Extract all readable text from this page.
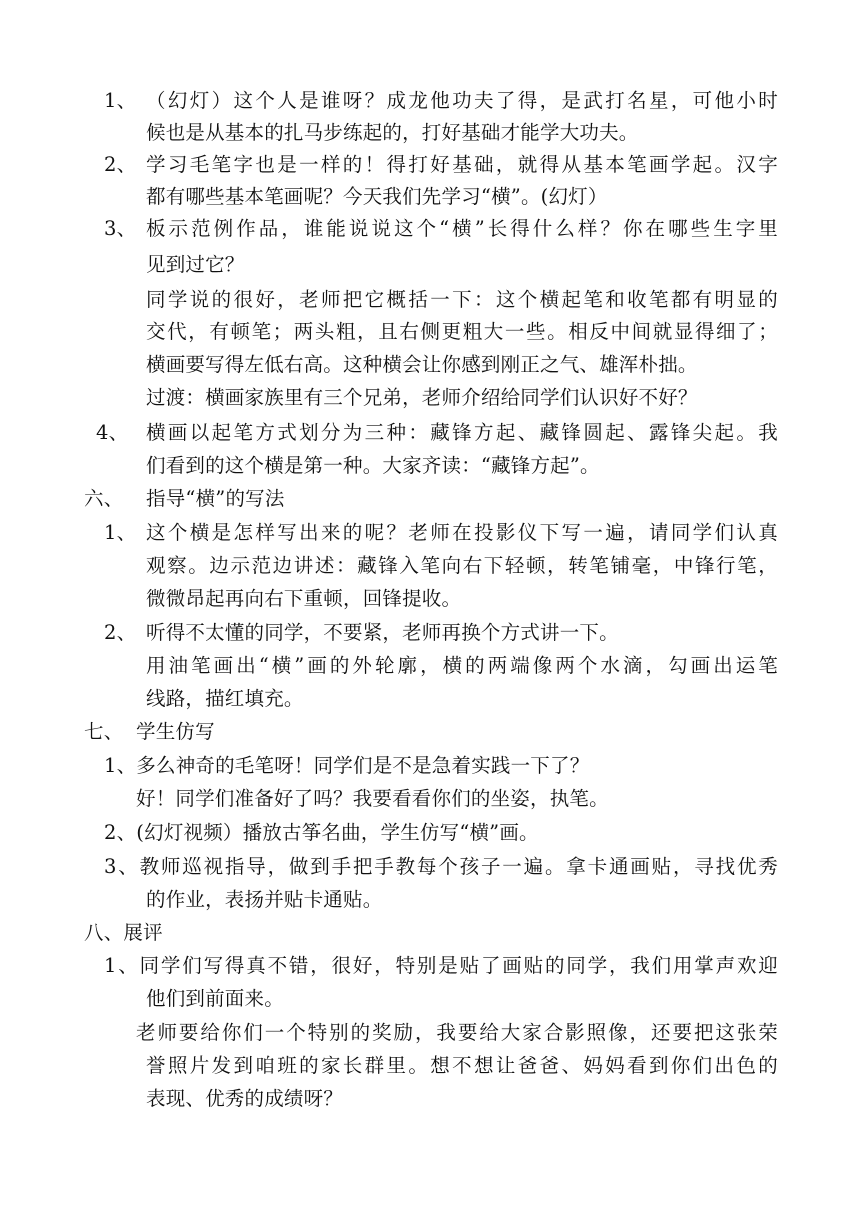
1、 （幻灯）这个人是谁呀？成龙他功夫了得，是武打名星，可他小时
候也是从基本的扎马步练起的，打好基础才能学大功夫。
2、 学习毛笔字也是一样的！得打好基础，就得从基本笔画学起。汉字
都有哪些基本笔画呢？今天我们先学习“横”。(幻灯）
3、 板示范例作品，谁能说说这个“横”长得什么样？你在哪些生字里
见到过它？
同学说的很好，老师把它概括一下：这个横起笔和收笔都有明显的
交代，有顿笔；两头粗，且右侧更粗大一些。相反中间就显得细了；
横画要写得左低右高。这种横会让你感到刚正之气、雄浑朴拙。
过渡：横画家族里有三个兄弟，老师介绍给同学们认识好不好？
4、 横画以起笔方式划分为三种：藏锋方起、藏锋圆起、露锋尖起。我
们看到的这个横是第一种。大家齐读：“藏锋方起”。
六、 指导“横”的写法
1、 这个横是怎样写出来的呢？老师在投影仪下写一遍，请同学们认真
观察。边示范边讲述：藏锋入笔向右下轻顿，转笔铺毫，中锋行笔，
微微昂起再向右下重顿，回锋提收。
2、 听得不太懂的同学，不要紧，老师再换个方式讲一下。
用油笔画出“横”画的外轮廓，横的两端像两个水滴，勾画出运笔
线路，描红填充。
七、 学生仿写
1、多么神奇的毛笔呀！同学们是不是急着实践一下了？
好！同学们准备好了吗？我要看看你们的坐姿，执笔。
2、(幻灯视频）播放古筝名曲，学生仿写“横”画。
3、教师巡视指导，做到手把手教每个孩子一遍。拿卡通画贴，寻找优秀
的作业，表扬并贴卡通贴。
八、展评
1、同学们写得真不错，很好，特别是贴了画贴的同学，我们用掌声欢迎
他们到前面来。
老师要给你们一个特别的奖励，我要给大家合影照像，还要把这张荣
誉照片发到咱班的家长群里。想不想让爸爸、妈妈看到你们出色的
表现、优秀的成绩呀？
